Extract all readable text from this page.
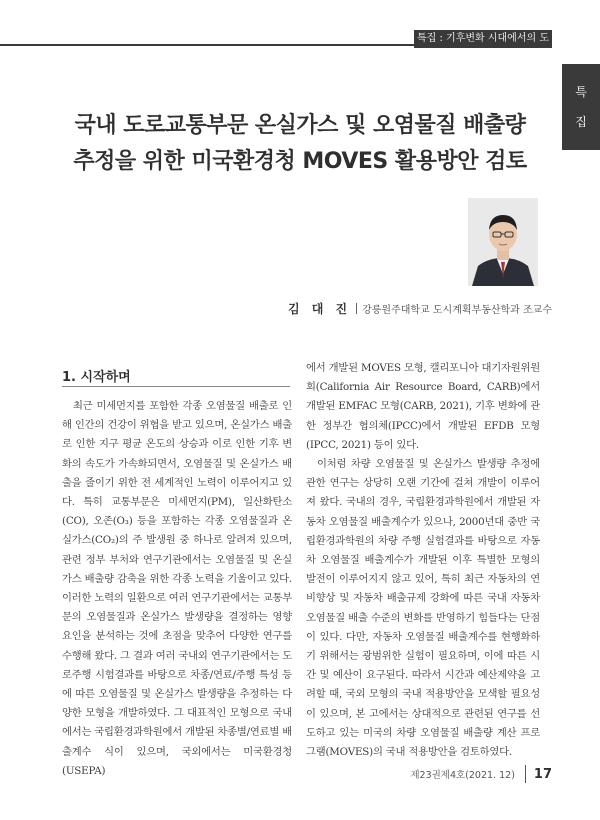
특집 : 기후변화 시대에서의 도로
특
집
국내 도로교통부문 온실가스 및 오염물질 배출량
추정을 위한 미국환경청 MOVES 활용방안 검토
김 대 진 강릉원주대학교 도시계획부동산학과 조교수
1. 시작하며

최근 미세먼지를 포함한 각종 오염물질 배출로 인해 인간의 건강이 위협을 받고 있으며, 온실가스 배출로 인한 지구 평균 온도의 상승과 이로 인한 기후 변화의 속도가 가속화되면서, 오염물질 및 온실가스 배출을 줄이기 위한 전 세계적인 노력이 이루어지고 있다. 특히 교통부문은 미세먼지(PM), 일산화탄소(CO), 오존(O₃) 등을 포함하는 각종 오염물질과 온실가스(CO₂)의 주 발생원 중 하나로 알려져 있으며, 관련 정부 부처와 연구기관에서는 오염물질 및 온실가스 배출량 감축을 위한 각종 노력을 기울이고 있다. 이러한 노력의 일환으로 여러 연구기관에서는 교통부문의 오염물질과 온실가스 발생량을 결정하는 영향 요인을 분석하는 것에 초점을 맞추어 다양한 연구를 수행해 왔다. 그 결과 여러 국내외 연구기관에서는 도로주행 시험결과를 바탕으로 차종/연료/주행 특성 등에 따른 오염물질 및 온실가스 발생량을 추정하는 다양한 모형을 개발하였다. 그 대표적인 모형으로 국내에서는 국립환경과학원에서 개발된 차종별/연료별 배출계수 식이 있으며, 국외에서는 미국환경청(USEPA)

에서 개발된 MOVES 모형, 캘리포니아 대기자원위원회(California Air Resource Board, CARB)에서 개발된 EMFAC 모형(CARB, 2021), 기후 변화에 관한 정부간 협의체(IPCC)에서 개발된 EFDB 모형(IPCC, 2021) 등이 있다.

이처럼 차량 오염물질 및 온실가스 발생량 추정에 관한 연구는 상당히 오랜 기간에 걸쳐 개발이 이루어져 왔다. 국내의 경우, 국립환경과학원에서 개발된 자동차 오염물질 배출계수가 있으나, 2000년대 중반 국립환경과학원의 차량 주행 실험결과를 바탕으로 자동차 오염물질 배출계수가 개발된 이후 특별한 모형의 발전이 이루어지지 않고 있어, 특히 최근 자동차의 연비향상 및 자동차 배출규제 강화에 따른 국내 자동차 오염물질 배출 수준의 변화를 반영하기 힘들다는 단점이 있다. 다만, 자동차 오염물질 배출계수를 현행화하기 위해서는 광범위한 실험이 필요하며, 이에 따른 시간 및 예산이 요구된다. 따라서 시간과 예산제약을 고려할 때, 국외 모형의 국내 적용방안을 모색할 필요성이 있으며, 본 고에서는 상대적으로 관련된 연구를 선도하고 있는 미국의 차량 오염물질 배출량 계산 프로그램(MOVES)의 국내 적용방안을 검토하였다.

제23권제4호(2021. 12) 17
